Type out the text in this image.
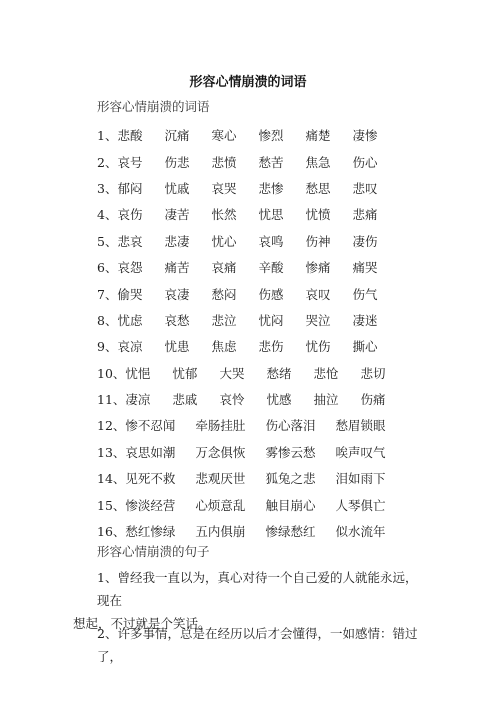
形容心情崩溃的词语
形容心情崩溃的词语
1、 悲酸 沉痛 寒心 惨烈 痛楚 凄惨
2、 哀号 伤悲 悲愤 愁苦 焦急 伤心
3、 郁闷 忧戚 哀哭 悲惨 愁思 悲叹
4、 哀伤 凄苦 怅然 忧思 忧愤 悲痛
5、 悲哀 悲凄 忧心 哀鸣 伤神 凄伤
6、 哀怨 痛苦 哀痛 辛酸 惨痛 痛哭
7、 偷哭 哀凄 愁闷 伤感 哀叹 伤气
8、 忧虑 哀愁 悲泣 忧闷 哭泣 凄迷
9、 哀凉 忧患 焦虑 悲伤 忧伤 撕心
10、 忧悒 忧郁 大哭 愁绪 悲怆 悲切
11、 凄凉 悲戚 哀怜 忧感 抽泣 伤痛
12、 惨不忍闻 牵肠挂肚 伤心落泪 愁眉锁眼
13、 哀思如潮 万念俱恢 雾惨云愁 唉声叹气
14、 见死不救 悲观厌世 狐兔之悲 泪如雨下
15、 惨淡经营 心烦意乱 触目崩心 人琴俱亡
16、 愁红惨绿 五内俱崩 惨绿愁红 似水流年
形容心情崩溃的句子
1、曾经我一直以为，真心对待一个自己爱的人就能永远，现在
想起，不过就是个笑话。
2、许多事情，总是在经历以后才会懂得，一如感情：错过了，
